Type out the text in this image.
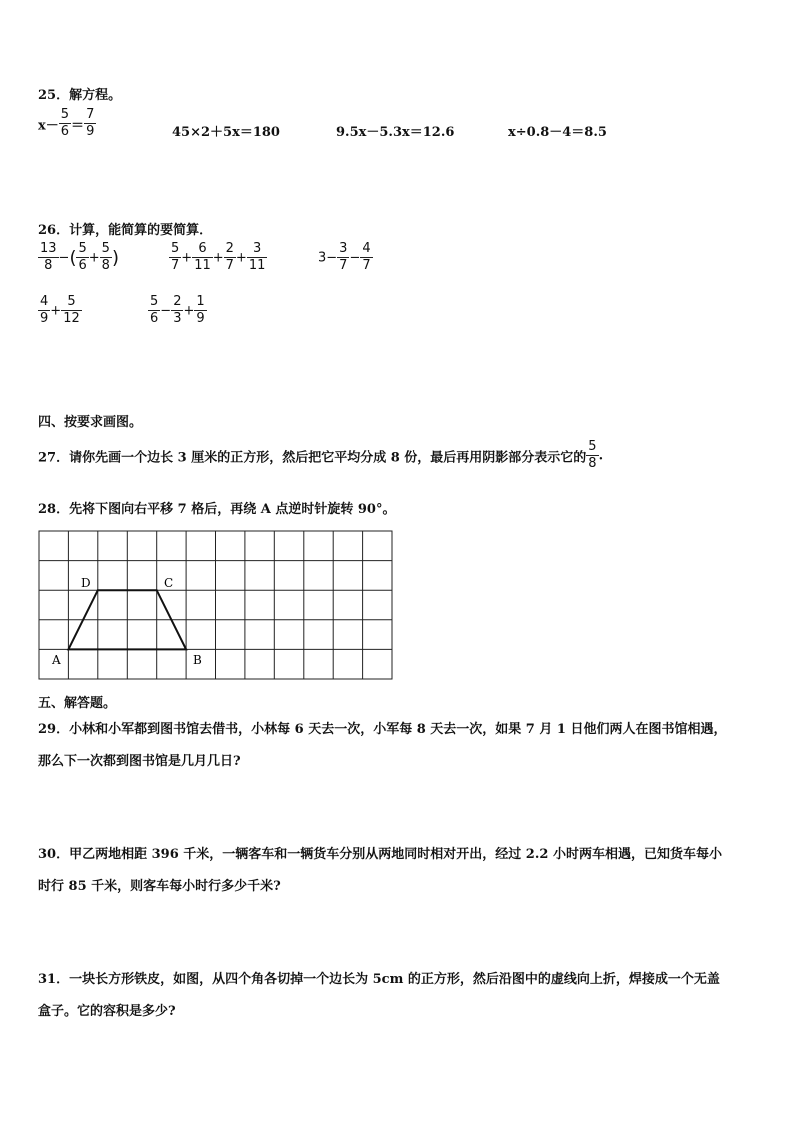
25．解方程。
$x- \frac{5}{6} = \frac{7}{9}$	45×2＋5x＝180	9.5x－5.3x＝12.6	x÷0.8－4＝8.5
26．计算，能简算的要简算．
$\frac{13}{8}$ −( $\frac{5}{6} + \frac{5}{8}$ )	$\frac{5}{7} + \frac{6}{11} + \frac{2}{7} + \frac{3}{11}$	$3- \frac{3}{7} - \frac{4}{7}$
$\frac{4}{9} + \frac{5}{12}$	$\frac{5}{6} - \frac{2}{3} + \frac{1}{9}$
四、按要求画图。
27．请你先画一个边长 3 厘米的正方形，然后把它平均分成 8 份，最后再用阴影部分表示它的 $\frac{5}{8}$ .
28．先将下图向右平移 7 格后，再绕 A 点逆时针旋转 90°。
A	B
C
D
五、解答题。
29．小林和小军都到图书馆去借书，小林每 6 天去一次，小军每 8 天去一次，如果 7 月 1 日他们两人在图书馆相遇，
那么下一次都到图书馆是几月几日?
30．甲乙两地相距 396 千米，一辆客车和一辆货车分别从两地同时相对开出，经过 2.2 小时两车相遇，已知货车每小
时行 85 千米，则客车每小时行多少千米?
31．一块长方形铁皮，如图，从四个角各切掉一个边长为 5cm 的正方形，然后沿图中的虚线向上折，焊接成一个无盖
盒子。它的容积是多少?
